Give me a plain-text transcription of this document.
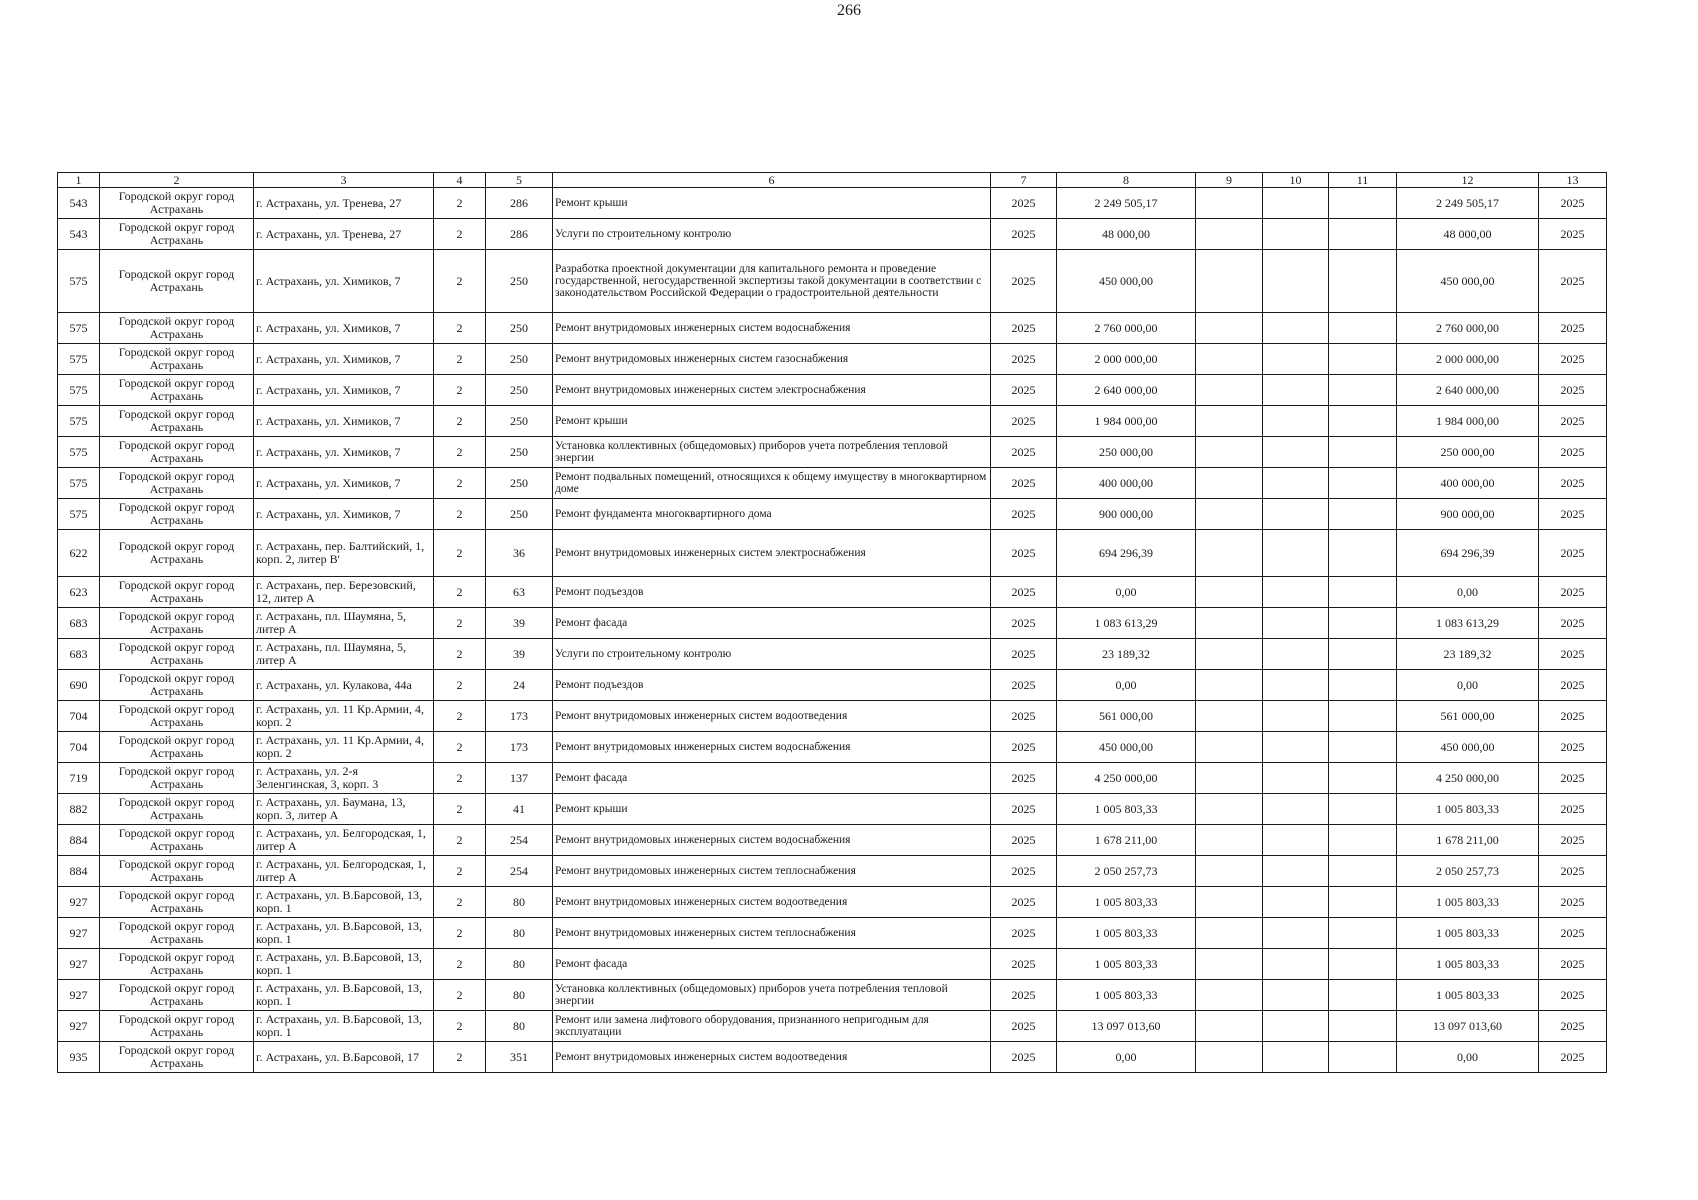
266
1	2	3	4	5	6	7	8	9	10	11	12	13
543	Городской округ город Астрахань	г. Астрахань, ул. Тренева, 27	2	286	Ремонт крыши	2025	2 249 505,17				2 249 505,17	2025
543	Городской округ город Астрахань	г. Астрахань, ул. Тренева, 27	2	286	Услуги по строительному контролю	2025	48 000,00				48 000,00	2025
575	Городской округ город Астрахань	г. Астрахань, ул. Химиков, 7	2	250	Разработка проектной документации для капитального ремонта и проведение государственной, негосударственной экспертизы такой документации в соответствии с законодательством Российской Федерации о градостроительной деятельности	2025	450 000,00				450 000,00	2025
575	Городской округ город Астрахань	г. Астрахань, ул. Химиков, 7	2	250	Ремонт внутридомовых инженерных систем водоснабжения	2025	2 760 000,00				2 760 000,00	2025
575	Городской округ город Астрахань	г. Астрахань, ул. Химиков, 7	2	250	Ремонт внутридомовых инженерных систем газоснабжения	2025	2 000 000,00				2 000 000,00	2025
575	Городской округ город Астрахань	г. Астрахань, ул. Химиков, 7	2	250	Ремонт внутридомовых инженерных систем электроснабжения	2025	2 640 000,00				2 640 000,00	2025
575	Городской округ город Астрахань	г. Астрахань, ул. Химиков, 7	2	250	Ремонт крыши	2025	1 984 000,00				1 984 000,00	2025
575	Городской округ город Астрахань	г. Астрахань, ул. Химиков, 7	2	250	Установка коллективных (общедомовых) приборов учета потребления тепловой энергии	2025	250 000,00				250 000,00	2025
575	Городской округ город Астрахань	г. Астрахань, ул. Химиков, 7	2	250	Ремонт подвальных помещений, относящихся к общему имуществу в многоквартирном доме	2025	400 000,00				400 000,00	2025
575	Городской округ город Астрахань	г. Астрахань, ул. Химиков, 7	2	250	Ремонт фундамента многоквартирного дома	2025	900 000,00				900 000,00	2025
622	Городской округ город Астрахань	г. Астрахань, пер. Балтийский, 1, корп. 2, литер В'	2	36	Ремонт внутридомовых инженерных систем электроснабжения	2025	694 296,39				694 296,39	2025
623	Городской округ город Астрахань	г. Астрахань, пер. Березовский, 12, литер А	2	63	Ремонт подъездов	2025	0,00				0,00	2025
683	Городской округ город Астрахань	г. Астрахань, пл. Шаумяна, 5, литер А	2	39	Ремонт фасада	2025	1 083 613,29				1 083 613,29	2025
683	Городской округ город Астрахань	г. Астрахань, пл. Шаумяна, 5, литер А	2	39	Услуги по строительному контролю	2025	23 189,32				23 189,32	2025
690	Городской округ город Астрахань	г. Астрахань, ул. Кулакова, 44а	2	24	Ремонт подъездов	2025	0,00				0,00	2025
704	Городской округ город Астрахань	г. Астрахань, ул. 11 Кр.Армии, 4, корп. 2	2	173	Ремонт внутридомовых инженерных систем водоотведения	2025	561 000,00				561 000,00	2025
704	Городской округ город Астрахань	г. Астрахань, ул. 11 Кр.Армии, 4, корп. 2	2	173	Ремонт внутридомовых инженерных систем водоснабжения	2025	450 000,00				450 000,00	2025
719	Городской округ город Астрахань	г. Астрахань, ул. 2-я Зеленгинская, 3, корп. 3	2	137	Ремонт фасада	2025	4 250 000,00				4 250 000,00	2025
882	Городской округ город Астрахань	г. Астрахань, ул. Баумана, 13, корп. 3, литер А	2	41	Ремонт крыши	2025	1 005 803,33				1 005 803,33	2025
884	Городской округ город Астрахань	г. Астрахань, ул. Белгородская, 1, литер А	2	254	Ремонт внутридомовых инженерных систем водоснабжения	2025	1 678 211,00				1 678 211,00	2025
884	Городской округ город Астрахань	г. Астрахань, ул. Белгородская, 1, литер А	2	254	Ремонт внутридомовых инженерных систем теплоснабжения	2025	2 050 257,73				2 050 257,73	2025
927	Городской округ город Астрахань	г. Астрахань, ул. В.Барсовой, 13, корп. 1	2	80	Ремонт внутридомовых инженерных систем водоотведения	2025	1 005 803,33				1 005 803,33	2025
927	Городской округ город Астрахань	г. Астрахань, ул. В.Барсовой, 13, корп. 1	2	80	Ремонт внутридомовых инженерных систем теплоснабжения	2025	1 005 803,33				1 005 803,33	2025
927	Городской округ город Астрахань	г. Астрахань, ул. В.Барсовой, 13, корп. 1	2	80	Ремонт фасада	2025	1 005 803,33				1 005 803,33	2025
927	Городской округ город Астрахань	г. Астрахань, ул. В.Барсовой, 13, корп. 1	2	80	Установка коллективных (общедомовых) приборов учета потребления тепловой энергии	2025	1 005 803,33				1 005 803,33	2025
927	Городской округ город Астрахань	г. Астрахань, ул. В.Барсовой, 13, корп. 1	2	80	Ремонт или замена лифтового оборудования, признанного непригодным для эксплуатации	2025	13 097 013,60				13 097 013,60	2025
935	Городской округ город Астрахань	г. Астрахань, ул. В.Барсовой, 17	2	351	Ремонт внутридомовых инженерных систем водоотведения	2025	0,00				0,00	2025
